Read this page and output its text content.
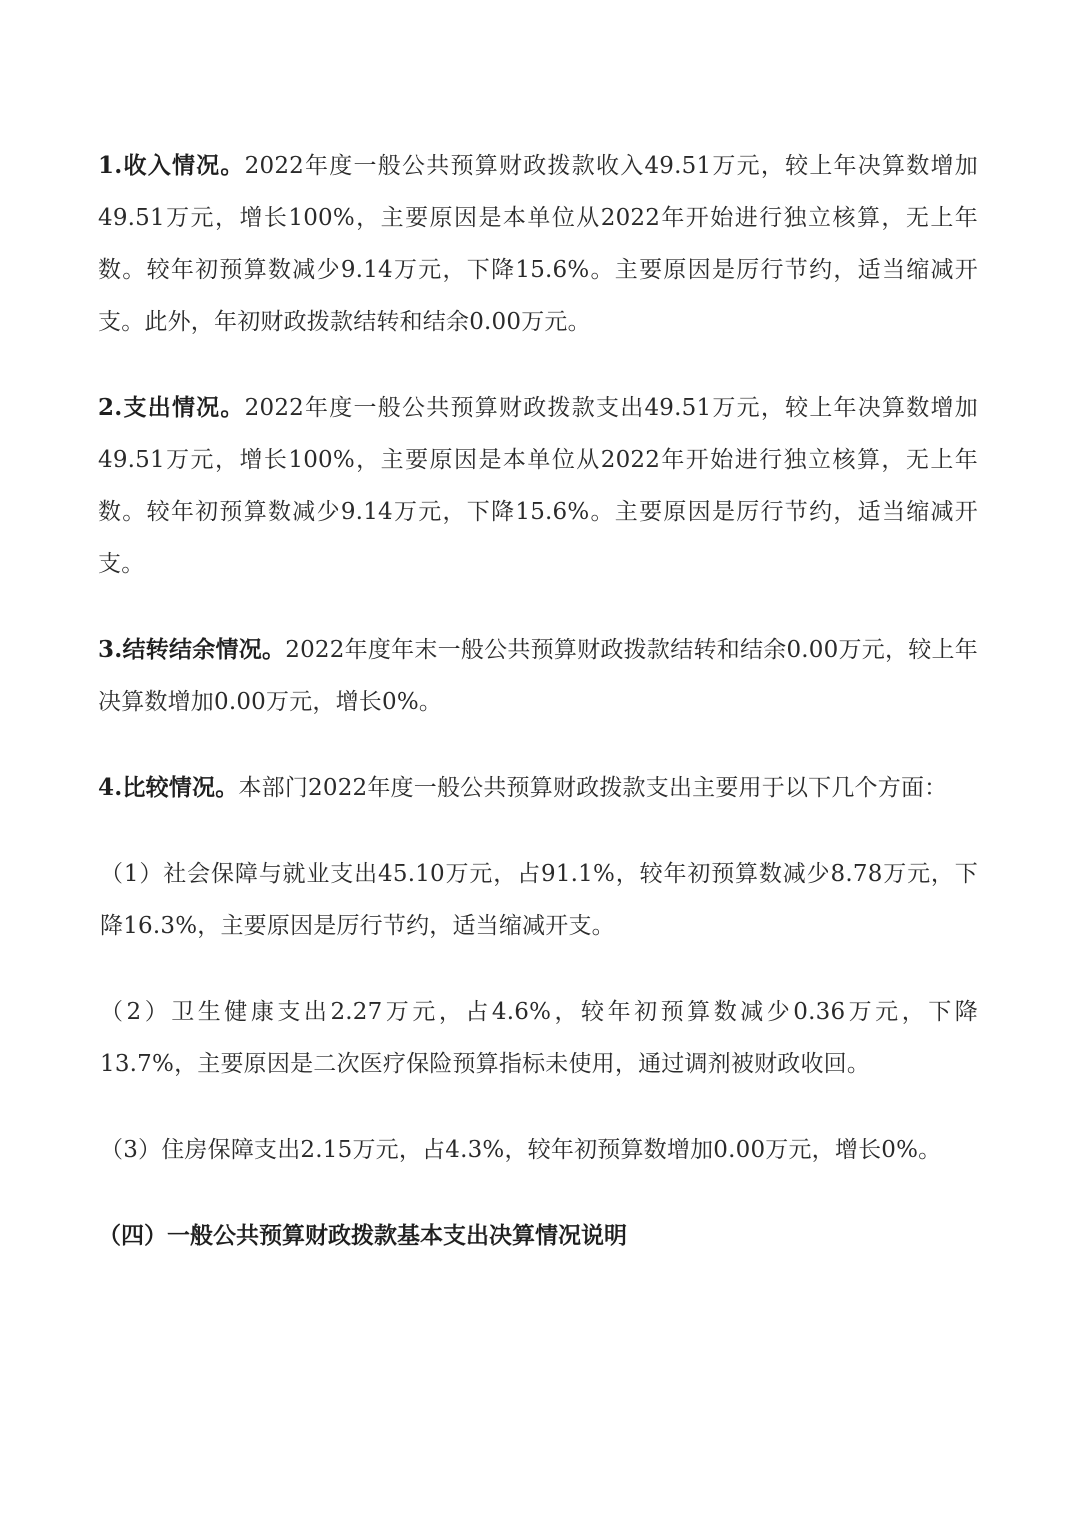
1.收入情况。2022年度一般公共预算财政拨款收入49.51万元，较上年决算数增加49.51万元，增长100%，主要原因是本单位从2022年开始进行独立核算，无上年数。较年初预算数减少9.14万元，下降15.6%。主要原因是厉行节约，适当缩减开支。此外，年初财政拨款结转和结余0.00万元。

2.支出情况。2022年度一般公共预算财政拨款支出49.51万元，较上年决算数增加49.51万元，增长100%，主要原因是本单位从2022年开始进行独立核算，无上年数。较年初预算数减少9.14万元，下降15.6%。主要原因是厉行节约，适当缩减开支。

3.结转结余情况。2022年度年末一般公共预算财政拨款结转和结余0.00万元，较上年决算数增加0.00万元，增长0%。

4.比较情况。本部门2022年度一般公共预算财政拨款支出主要用于以下几个方面：

（1）社会保障与就业支出45.10万元，占91.1%，较年初预算数减少8.78万元，下降16.3%，主要原因是厉行节约，适当缩减开支。

（2）卫生健康支出2.27万元，占4.6%，较年初预算数减少0.36万元，下降13.7%，主要原因是二次医疗保险预算指标未使用，通过调剂被财政收回。

（3）住房保障支出2.15万元，占4.3%，较年初预算数增加0.00万元，增长0%。

（四）一般公共预算财政拨款基本支出决算情况说明
